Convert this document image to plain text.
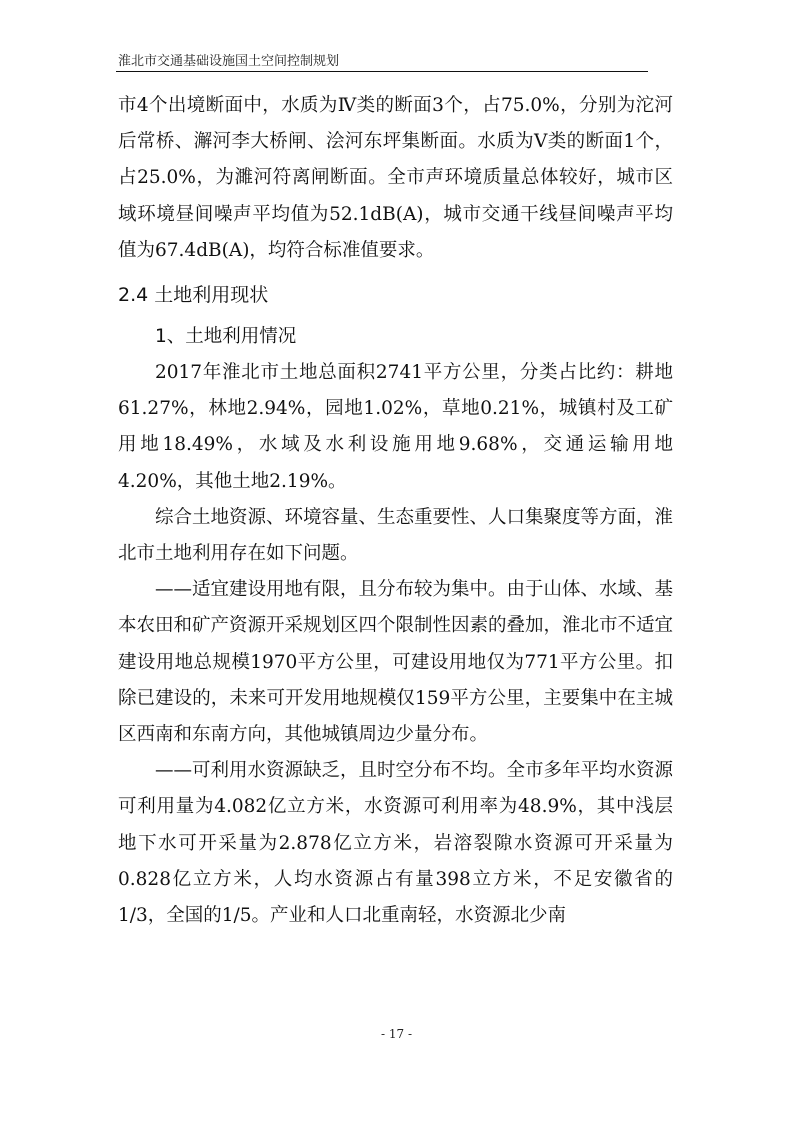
淮北市交通基础设施国土空间控制规划

市4个出境断面中，水质为Ⅳ类的断面3个，占75.0%，分别为沱河后常桥、澥河李大桥闸、浍河东坪集断面。水质为Ⅴ类的断面1个，占25.0%，为濉河符离闸断面。全市声环境质量总体较好，城市区域环境昼间噪声平均值为52.1dB(A)，城市交通干线昼间噪声平均值为67.4dB(A)，均符合标准值要求。

2.4 土地利用现状
1、土地利用情况

2017年淮北市土地总面积2741平方公里，分类占比约：耕地61.27%，林地2.94%，园地1.02%，草地0.21%，城镇村及工矿用地18.49%，水域及水利设施用地9.68%，交通运输用地4.20%，其他土地2.19%。

综合土地资源、环境容量、生态重要性、人口集聚度等方面，淮北市土地利用存在如下问题。

——适宜建设用地有限，且分布较为集中。由于山体、水域、基本农田和矿产资源开采规划区四个限制性因素的叠加，淮北市不适宜建设用地总规模1970平方公里，可建设用地仅为771平方公里。扣除已建设的，未来可开发用地规模仅159平方公里，主要集中在主城区西南和东南方向，其他城镇周边少量分布。

——可利用水资源缺乏，且时空分布不均。全市多年平均水资源可利用量为4.082亿立方米，水资源可利用率为48.9%，其中浅层地下水可开采量为2.878亿立方米，岩溶裂隙水资源可开采量为0.828亿立方米，人均水资源占有量398立方米，不足安徽省的1/3，全国的1/5。产业和人口北重南轻，水资源北少南

- 17 -
